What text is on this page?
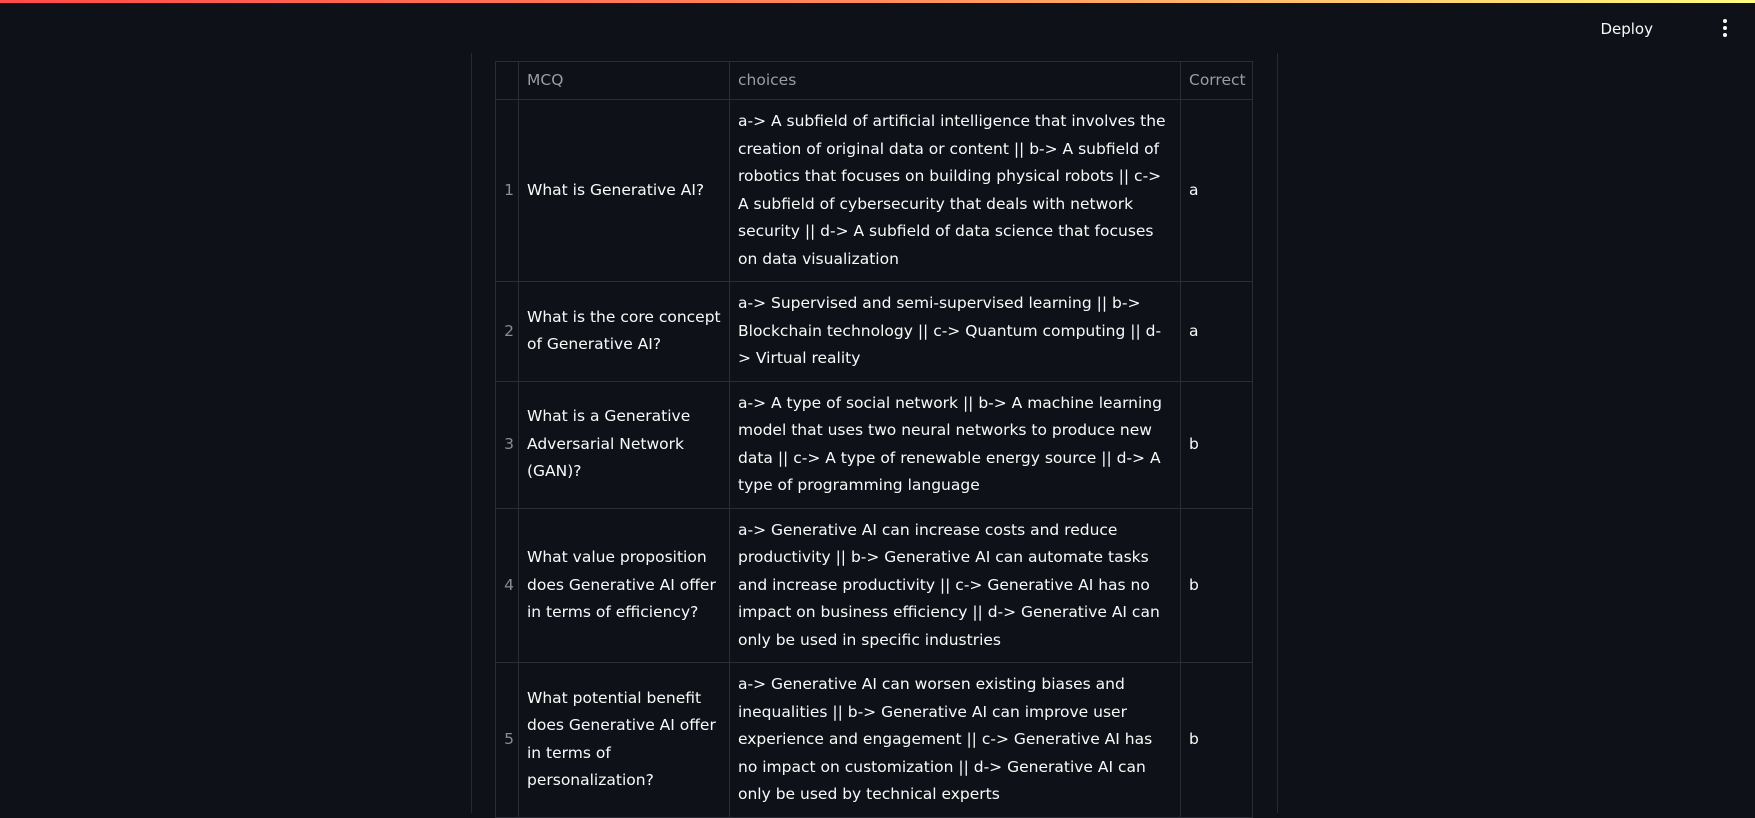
Deploy
	MCQ	choices	Correct
1	What is Generative AI?	a-> A subfield of artificial intelligence that involves the creation of original data or content || b-> A subfield of robotics that focuses on building physical robots || c-> A subfield of cybersecurity that deals with network security || d-> A subfield of data science that focuses on data visualization	a
2	What is the core concept of Generative AI?	a-> Supervised and semi-supervised learning || b-> Blockchain technology || c-> Quantum computing || d-> Virtual reality	a
3	What is a Generative Adversarial Network (GAN)?	a-> A type of social network || b-> A machine learning model that uses two neural networks to produce new data || c-> A type of renewable energy source || d-> A type of programming language	b
4	What value proposition does Generative AI offer in terms of efficiency?	a-> Generative AI can increase costs and reduce productivity || b-> Generative AI can automate tasks and increase productivity || c-> Generative AI has no impact on business efficiency || d-> Generative AI can only be used in specific industries	b
5	What potential benefit does Generative AI offer in terms of personalization?	a-> Generative AI can worsen existing biases and inequalities || b-> Generative AI can improve user experience and engagement || c-> Generative AI has no impact on customization || d-> Generative AI can only be used by technical experts	b
